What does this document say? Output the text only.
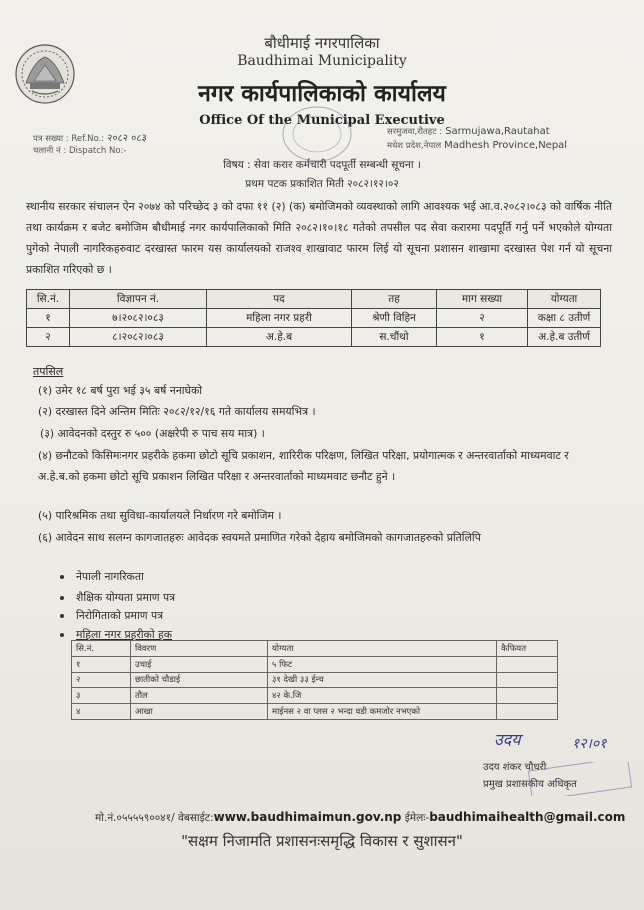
बौधीमाई नगरपालिका
Baudhimai Municipality
नगर कार्यपालिकाको कार्यालय
Office Of the Municipal Executive
पत्र सख्या : Ref.No.: २०८२ ०८३
चलानी नं : Dispatch No:-
सरमुजवा,रौतहट : Sarmujawa,Rautahat
मधेश प्रदेश,नेपाल Madhesh Province,Nepal
विषय : सेवा करार कर्मचारी पदपूर्ती सम्बन्धी सूचना ।
प्रथम पटक प्रकाशित मिती २०८२।१२।०२
स्थानीय सरकार संचालन ऐन २०७४ को परिच्छेद ३ को दफा ११ (२) (क) बमोजिमको व्यवस्थाको लागि आवश्यक भई आ.व.२०८२।०८३ को वार्षिक नीति तथा कार्यक्रम र बजेट बमोजिम बौधीमाई नगर कार्यपालिकाको मिति २०८२।१०।१८ गतेको तपसील पद सेवा करारमा पदपूर्ति गर्नु पर्ने भएकोले योग्यता पुगेको नेपाली नागरिकहरुवाट दरखास्त फारम यस कार्यालयको राजश्व शाखावाट फारम लिई यो सूचना प्रशासन शाखामा दरखास्त पेश गर्न यो सूचना प्रकाशित गरिएको छ ।
सि.नं.	विज्ञापन नं.	पद	तह	माग सख्या	योग्यता
१	७।२०८२।०८३	महिला नगर प्रहरी	श्रेणी विहिन	२	कक्षा ८ उतीर्ण
२	८।२०८२।०८३	अ.हे.ब	स.चौंथो	१	अ.हे.ब उतीर्ण
तपसिल
(१) उमेर १८ बर्ष पुरा भई ३५ बर्ष ननाघेको
(२) दरखास्त दिने अन्तिम मितिः २०८२/१२/१६ गते कार्यालय समयभित्र ।
(३) आवेदनको दस्तुर रु ५०० (अक्षरेपी रु पाच सय मात्र) ।
(४) छनौटको किसिमःनगर प्रहरीके हकमा छोटो सूचि प्रकाशन, शारिरीक परिक्षण, लिखित परिक्षा, प्रयोगात्मक र अन्तरवार्ताको माध्यमवाट र अ.हे.ब.को हकमा छोटो सूचि प्रकाशन लिखित परिक्षा र अन्तरवार्ताको माध्यमवाट छनौट हुने ।
(५) पारिश्रमिक तथा सुविधा-कार्यालयले निर्धारण गरे बमोजिम ।
(६) आवेदन साथ सलग्न कागजातहरुः आवेदक स्वयमते प्रमाणित गरेको देहाय बमोजिमको कागजातहरुको प्रतिलिपि
नेपाली नागरिकता
शैक्षिक योग्यता प्रमाण पत्र
निरोगिताको प्रमाण पत्र
महिला नगर प्रहरीको हक
सि.नं.	विवरण	योग्यता	कैफियत
१	उचाई	५ फिट	
२	छातीको चौडाई	३१ देखी ३३ ईन्च	
३	तौल	४२ के.जि	
४	आखा	माईनस २ वा प्लस २ भन्दा वडी कमजोर नभएको	
उदय	१२।०१
उदय शंकर चौधरी
प्रमुख प्रशासकीय अधिकृत
मो.नं.०५५५५९००४१/ वेबसाईट:www.baudhimaimun.gov.np ईमेलः-baudhimaihealth@gmail.com
"सक्षम निजामति प्रशासनःसमृद्धि विकास र सुशासन"
